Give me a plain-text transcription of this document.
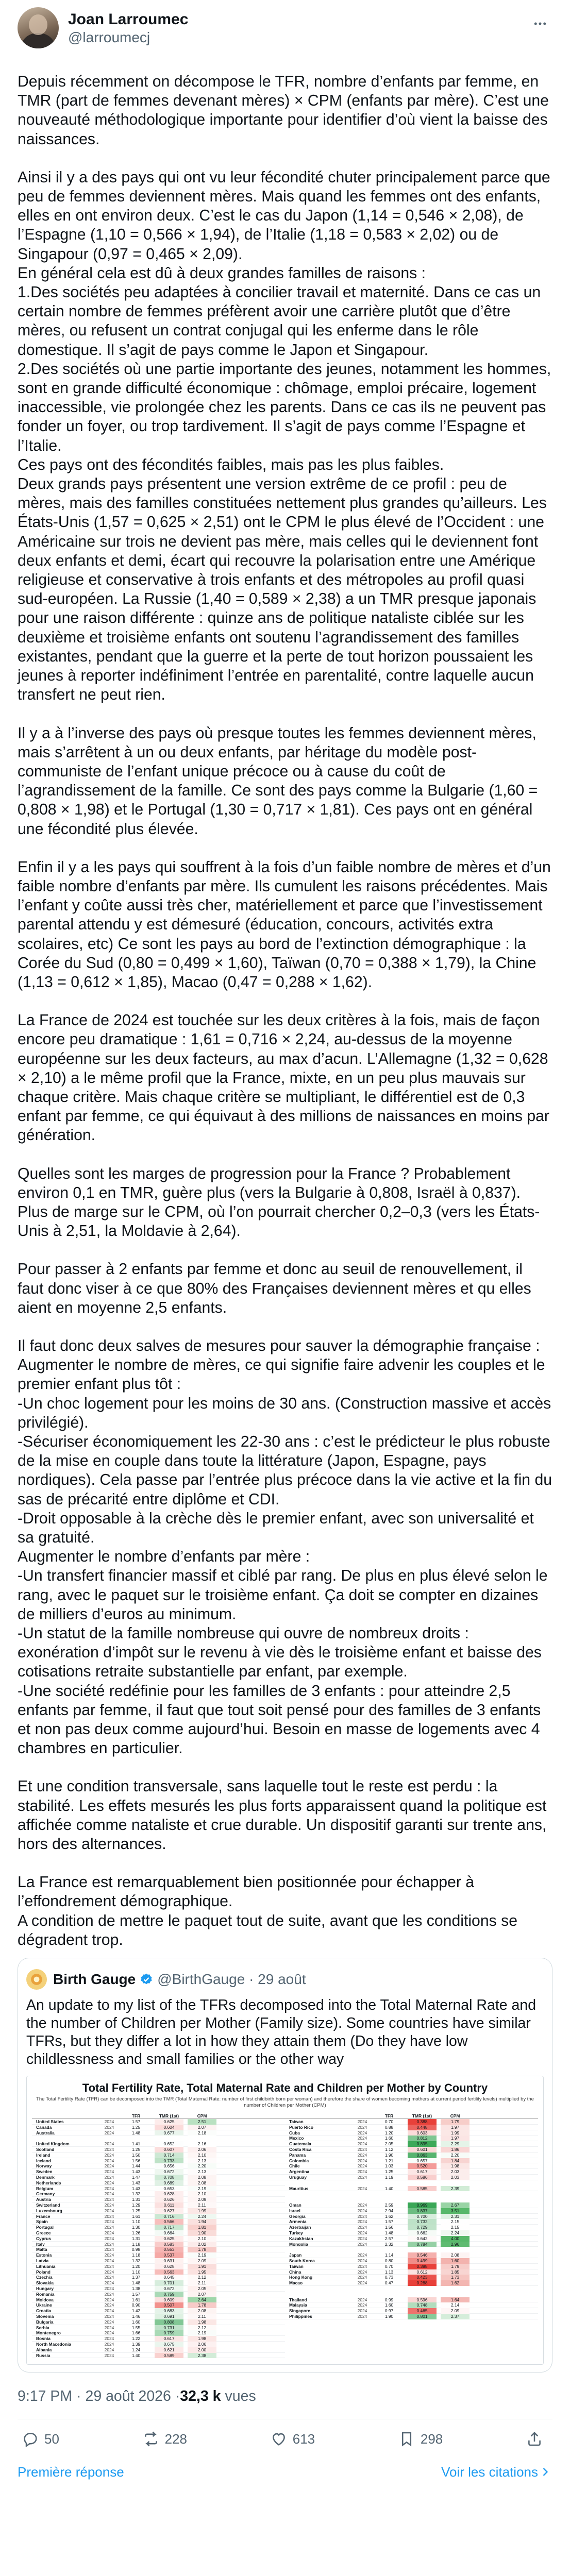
Joan Larroumec
@larroumecj
Depuis récemment on décompose le TFR, nombre d’enfants par femme, en TMR (part de femmes devenant mères) × CPM (enfants par mère). C’est une nouveauté méthodologique importante pour identifier d’où vient la baisse des naissances.
Ainsi il y a des pays qui ont vu leur fécondité chuter principalement parce que peu de femmes deviennent mères. Mais quand les femmes ont des enfants, elles en ont environ deux. C’est le cas du Japon (1,14 = 0,546 × 2,08), de l’Espagne (1,10 = 0,566 × 1,94), de l’Italie (1,18 = 0,583 × 2,02) ou de Singapour (0,97 = 0,465 × 2,09).
En général cela est dû à deux grandes familles de raisons :
1.Des sociétés peu adaptées à concilier travail et maternité. Dans ce cas un certain nombre de femmes préfèrent avoir une carrière plutôt que d’être mères, ou refusent un contrat conjugal qui les enferme dans le rôle domestique. Il s’agit de pays comme le Japon et Singapour.
2.Des sociétés où une partie importante des jeunes, notamment les hommes, sont en grande difficulté économique : chômage, emploi précaire, logement inaccessible, vie prolongée chez les parents. Dans ce cas ils ne peuvent pas fonder un foyer, ou trop tardivement. Il s’agit de pays comme l’Espagne et l’Italie.
Ces pays ont des fécondités faibles, mais pas les plus faibles.
Deux grands pays présentent une version extrême de ce profil : peu de mères, mais des familles constituées nettement plus grandes qu’ailleurs. Les États-Unis (1,57 = 0,625 × 2,51) ont le CPM le plus élevé de l’Occident : une Américaine sur trois ne devient pas mère, mais celles qui le deviennent font deux enfants et demi, écart qui recouvre la polarisation entre une Amérique religieuse et conservative à trois enfants et des métropoles au profil quasi sud-européen. La Russie (1,40 = 0,589 × 2,38) a un TMR presque japonais pour une raison différente : quinze ans de politique nataliste ciblée sur les deuxième et troisième enfants ont soutenu l’agrandissement des familles existantes, pendant que la guerre et la perte de tout horizon poussaient les jeunes à reporter indéfiniment l’entrée en parentalité, contre laquelle aucun transfert ne peut rien.
Il y a à l’inverse des pays où presque toutes les femmes deviennent mères, mais s’arrêtent à un ou deux enfants, par héritage du modèle post-communiste de l’enfant unique précoce ou à cause du coût de l’agrandissement de la famille. Ce sont des pays comme la Bulgarie (1,60 = 0,808 × 1,98) et le Portugal (1,30 = 0,717 × 1,81). Ces pays ont en général une fécondité plus élevée.
Enfin il y a les pays qui souffrent à la fois d’un faible nombre de mères et d’un faible nombre d’enfants par mère. Ils cumulent les raisons précédentes. Mais l’enfant y coûte aussi très cher, matériellement et parce que l’investissement parental attendu y est démesuré (éducation, concours, activités extra scolaires, etc) Ce sont les pays au bord de l’extinction démographique : la Corée du Sud (0,80 = 0,499 × 1,60), Taïwan (0,70 = 0,388 × 1,79), la Chine (1,13 = 0,612 × 1,85), Macao (0,47 = 0,288 × 1,62).
La France de 2024 est touchée sur les deux critères à la fois, mais de façon encore peu dramatique : 1,61 = 0,716 × 2,24, au-dessus de la moyenne européenne sur les deux facteurs, au max d’acun. L’Allemagne (1,32 = 0,628 × 2,10) a le même profil que la France, mixte, en un peu plus mauvais sur chaque critère. Mais chaque critère se multipliant, le différentiel est de 0,3 enfant par femme, ce qui équivaut à des millions de naissances en moins par génération.
Quelles sont les marges de progression pour la France ? Probablement environ 0,1 en TMR, guère plus (vers la Bulgarie à 0,808, Israël à 0,837). Plus de marge sur le CPM, où l’on pourrait chercher 0,2–0,3 (vers les États-Unis à 2,51, la Moldavie à 2,64).
Pour passer à 2 enfants par femme et donc au seuil de renouvellement, il faut donc viser à ce que 80% des Françaises deviennent mères et qu elles aient en moyenne 2,5 enfants.
Il faut donc deux salves de mesures pour sauver la démographie française :
Augmenter le nombre de mères, ce qui signifie faire advenir les couples et le premier enfant plus tôt :
-Un choc logement pour les moins de 30 ans. (Construction massive et accès privilégié).
-Sécuriser économiquement les 22-30 ans : c’est le prédicteur le plus robuste de la mise en couple dans toute la littérature (Japon, Espagne, pays nordiques). Cela passe par l’entrée plus précoce dans la vie active et la fin du sas de précarité entre diplôme et CDI.
-Droit opposable à la crèche dès le premier enfant, avec son universalité et sa gratuité.
Augmenter le nombre d’enfants par mère :
-Un transfert financier massif et ciblé par rang. De plus en plus élevé selon le rang, avec le paquet sur le troisième enfant. Ça doit se compter en dizaines de milliers d’euros au minimum.
-Un statut de la famille nombreuse qui ouvre de nombreux droits : exonération d’impôt sur le revenu à vie dès le troisième enfant et baisse des cotisations retraite substantielle par enfant, par exemple.
-Une société redéfinie pour les familles de 3 enfants : pour atteindre 2,5 enfants par femme, il faut que tout soit pensé pour des familles de 3 enfants et non pas deux comme aujourd’hui. Besoin en masse de logements avec 4 chambres en particulier.
Et une condition transversale, sans laquelle tout le reste est perdu : la stabilité. Les effets mesurés les plus forts apparaissent quand la politique est affichée comme nataliste et crue durable. Un dispositif garanti sur trente ans, hors des alternances.
La France est remarquablement bien positionnée pour échapper à l’effondrement démographique.
A condition de mettre le paquet tout de suite, avant que les conditions se dégradent trop.
Birth Gauge @BirthGauge · 29 août
An update to my list of the TFRs decomposed into the Total Maternal Rate and the number of Children per Mother (Family size). Some countries have similar TFRs, but they differ a lot in how they attain them (Do they have low childlessness and small families or the other way
Total Fertility Rate, Total Maternal Rate and Children per Mother by Country
The Total Fertility Rate (TFR) can be decomposed into the TMR (Total Maternal Rate: number of first childbirth born per woman) and therefore the share of women becoming mothers at current period fertility levels) multiplied by the number of Children per Mother (CPM)
TFR	TMR (1st)	CPM
United States	2024	1.57	0.625	2.51
Canada	2024	1.25	0.604	2.07
Australia	2024	1.48	0.677	2.18
United Kingdom	2024	1.41	0.652	2.16
Scotland	2024	1.25	0.607	2.06
Ireland	2024	1.50	0.714	2.10
Iceland	2024	1.56	0.733	2.13
Norway	2024	1.44	0.656	2.20
Sweden	2024	1.43	0.672	2.13
Denmark	2024	1.47	0.708	2.08
Netherlands	2024	1.43	0.689	2.08
Belgium	2024	1.43	0.653	2.19
Germany	2024	1.32	0.628	2.10
Austria	2024	1.31	0.626	2.09
Switzerland	2024	1.29	0.611	2.11
Luxembourg	2024	1.25	0.627	1.99
France	2024	1.61	0.716	2.24
Spain	2024	1.10	0.566	1.94
Portugal	2024	1.30	0.717	1.81
Greece	2024	1.26	0.664	1.90
Cyprus	2024	1.31	0.625	2.10
Italy	2024	1.18	0.583	2.02
Malta	2024	0.98	0.553	1.78
Estonia	2024	1.18	0.537	2.19
Latvia	2024	1.32	0.631	2.09
Lithuania	2024	1.20	0.628	1.91
Poland	2024	1.10	0.563	1.95
Czechia	2024	1.37	0.645	2.12
Slovakia	2024	1.48	0.701	2.11
Hungary	2024	1.38	0.672	2.05
Romania	2024	1.57	0.759	2.07
Moldova	2024	1.61	0.609	2.64
Ukraine	2024	0.90	0.507	1.78
Croatia	2024	1.42	0.683	2.08
Slovenia	2024	1.46	0.691	2.11
Bulgaria	2024	1.60	0.808	1.98
Serbia	2024	1.55	0.731	2.12
Montenegro	2024	1.66	0.759	2.19
Bosnia	2024	1.22	0.617	1.98
North Macedonia	2024	1.39	0.675	2.06
Albania	2024	1.24	0.621	2.00
Russia	2024	1.40	0.589	2.38
TFR	TMR (1st)	CPM
Taiwan	2024	0.70	0.388	1.79
Puerto Rico	2024	0.88	0.448	1.97
Cuba	2024	1.20	0.603	1.99
Mexico	2024	1.60	0.812	1.97
Guatemala	2024	2.05	0.895	2.29
Costa Rica	2024	1.12	0.601	1.86
Panama	2024	1.90	0.863	2.20
Colombia	2024	1.21	0.657	1.84
Chile	2024	1.03	0.520	1.98
Argentina	2024	1.25	0.617	2.03
Uruguay	2024	1.19	0.586	2.03
Mauritius	2024	1.40	0.585	2.39
Oman	2024	2.59	0.969	2.67
Israel	2024	2.94	0.837	3.51
Georgia	2024	1.62	0.700	2.31
Armenia	2024	1.57	0.732	2.15
Azerbaijan	2024	1.56	0.729	2.15
Turkey	2024	1.48	0.662	2.24
Kazakhstan	2024	2.57	0.642	4.00
Mongolia	2024	2.32	0.784	2.96
Japan	2024	1.14	0.546	2.08
South Korea	2024	0.80	0.499	1.60
Taiwan	2024	0.70	0.388	1.79
China	2024	1.13	0.612	1.85
Hong Kong	2024	0.73	0.423	1.73
Macao	2024	0.47	0.288	1.62
Thailand	2024	0.99	0.596	1.64
Malaysia	2024	1.60	0.748	2.14
Singapore	2024	0.97	0.465	2.09
Philippines	2024	1.90	0.801	2.37
9:17 PM · 29 août 2026 · 32,3 k vues
50	228	613	298
Première réponse	Voir les citations
